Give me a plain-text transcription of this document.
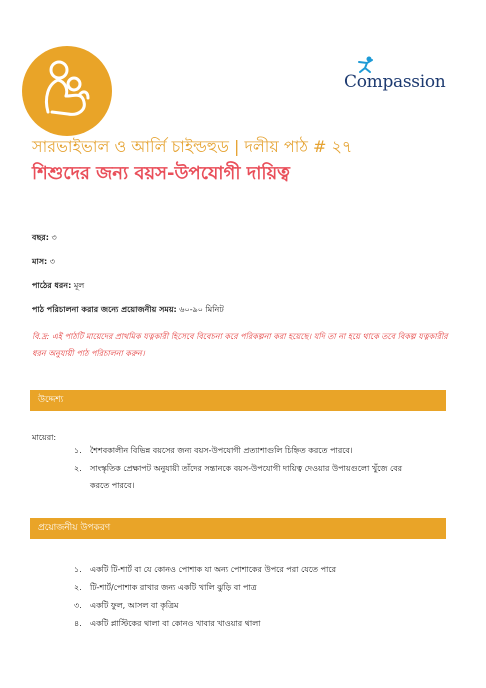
Compassion
সারভাইভাল ও আর্লি চাইল্ডহুড | দলীয় পাঠ # ২৭
শিশুদের জন্য বয়স-উপযোগী দায়িত্ব
বছর: ৩
মাস: ৩
পাঠের ধরন: মূল
পাঠ পরিচালনা করার জন্যে প্রয়োজনীয় সময়: ৬০-৯০ মিনিট
বি.দ্র: এই পাঠটি মায়েদের প্রাথমিক যত্নকারী হিসেবে বিবেচনা করে পরিকল্পনা করা হয়েছে। যদি তা না হয়ে থাকে তবে বিকল্প যত্নকারীর ধরন অনুযায়ী পাঠ পরিচালনা করুন।
উদ্দেশ্য
মায়েরা:
১. শৈশবকালীন বিভিন্ন বয়সের জন্য বয়স-উপযোগী প্রত্যাশাগুলি চিহ্নিত করতে পারবে।
২. সাংস্কৃতিক প্রেক্ষাপট অনুযায়ী তাঁদের সন্তানকে বয়স-উপযোগী দায়িত্ব দেওয়ার উপায়গুলো খুঁজে বের করতে পারবে।
প্রয়োজনীয় উপকরণ
১. একটি টি-শার্ট বা যে কোনও পোশাক যা অন্য পোশাকের উপরে পরা যেতে পারে
২. টি-শার্ট/পোশাক রাখার জন্য একটি খালি ঝুড়ি বা পাত্র
৩. একটি ফুল, আসল বা কৃত্রিম
৪. একটি প্লাস্টিকের থালা বা কোনও খাবার খাওয়ার থালা
